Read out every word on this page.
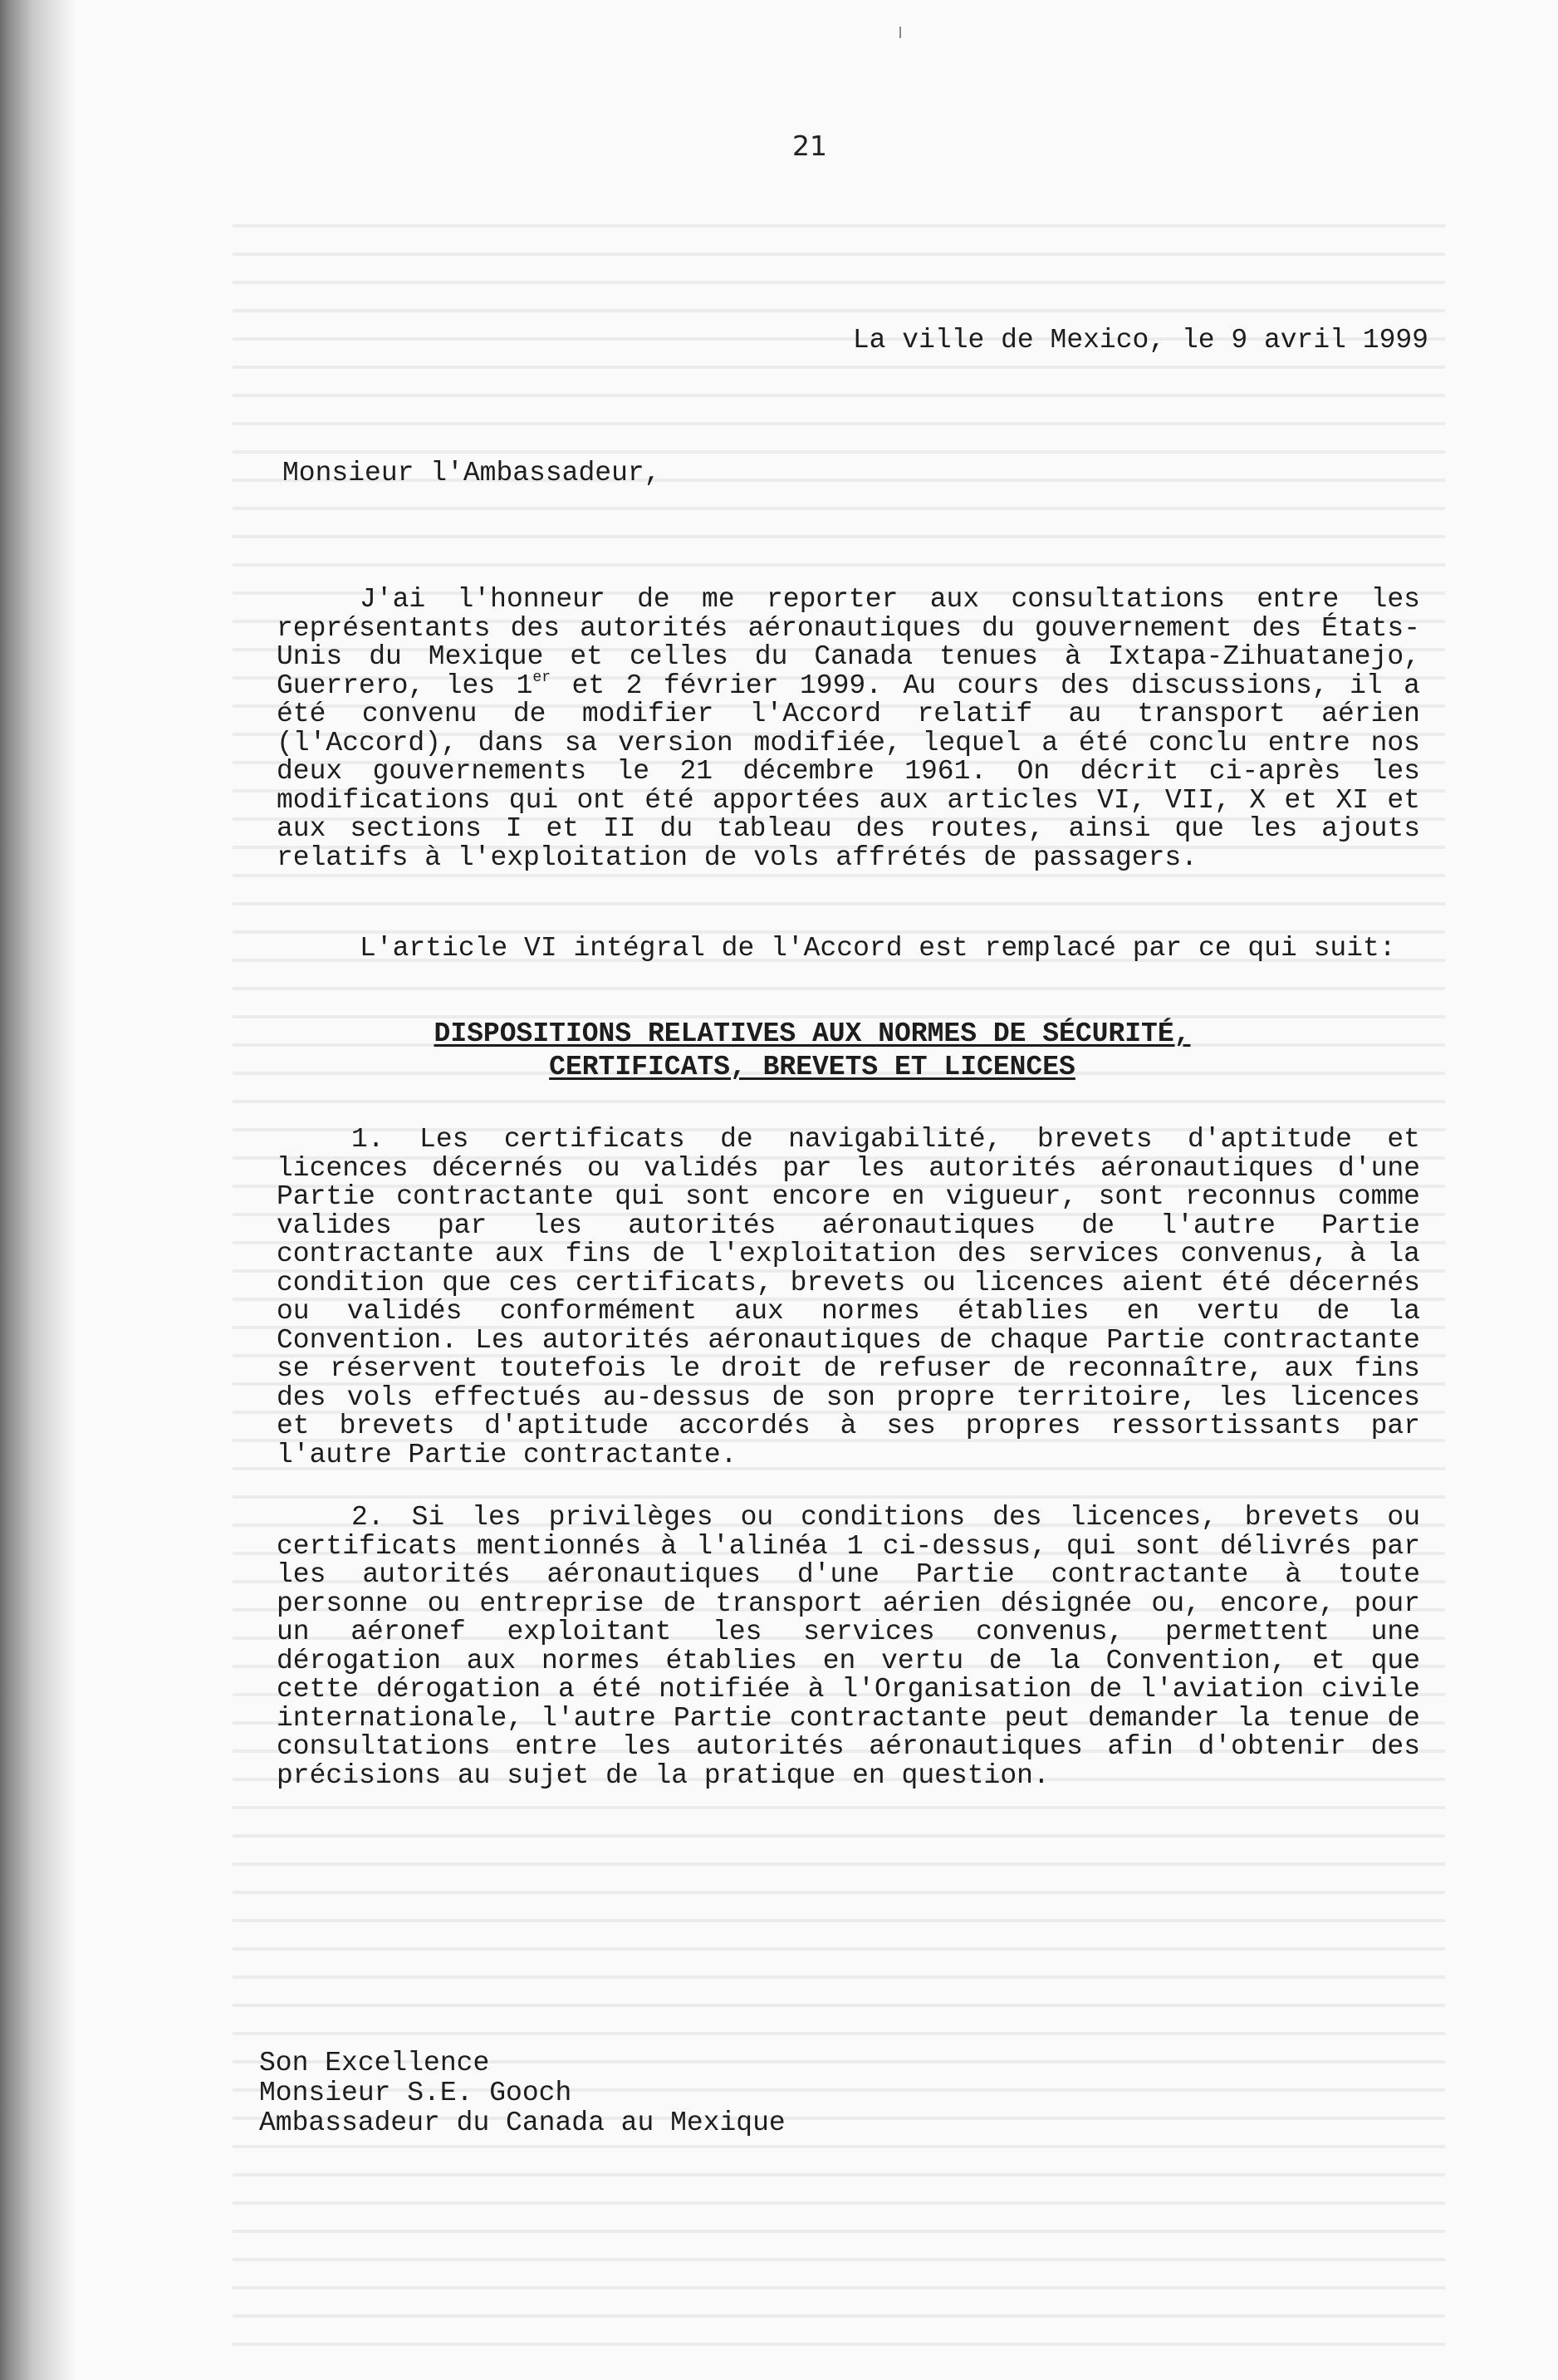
21
La ville de Mexico, le 9 avril 1999
Monsieur l'Ambassadeur,
J'ai l'honneur de me reporter aux consultations entre les représentants des autorités aéronautiques du gouvernement des États-Unis du Mexique et celles du Canada tenues à Ixtapa-Zihuatanejo, Guerrero, les 1er et 2 février 1999. Au cours des discussions, il a été convenu de modifier l'Accord relatif au transport aérien (l'Accord), dans sa version modifiée, lequel a été conclu entre nos deux gouvernements le 21 décembre 1961. On décrit ci-après les modifications qui ont été apportées aux articles VI, VII, X et XI et aux sections I et II du tableau des routes, ainsi que les ajouts relatifs à l'exploitation de vols affrétés de passagers.
L'article VI intégral de l'Accord est remplacé par ce qui suit:
DISPOSITIONS RELATIVES AUX NORMES DE SÉCURITÉ,
CERTIFICATS, BREVETS ET LICENCES
1. Les certificats de navigabilité, brevets d'aptitude et licences décernés ou validés par les autorités aéronautiques d'une Partie contractante qui sont encore en vigueur, sont reconnus comme valides par les autorités aéronautiques de l'autre Partie contractante aux fins de l'exploitation des services convenus, à la condition que ces certificats, brevets ou licences aient été décernés ou validés conformément aux normes établies en vertu de la Convention. Les autorités aéronautiques de chaque Partie contractante se réservent toutefois le droit de refuser de reconnaître, aux fins des vols effectués au-dessus de son propre territoire, les licences et brevets d'aptitude accordés à ses propres ressortissants par l'autre Partie contractante.
2. Si les privilèges ou conditions des licences, brevets ou certificats mentionnés à l'alinéa 1 ci-dessus, qui sont délivrés par les autorités aéronautiques d'une Partie contractante à toute personne ou entreprise de transport aérien désignée ou, encore, pour un aéronef exploitant les services convenus, permettent une dérogation aux normes établies en vertu de la Convention, et que cette dérogation a été notifiée à l'Organisation de l'aviation civile internationale, l'autre Partie contractante peut demander la tenue de consultations entre les autorités aéronautiques afin d'obtenir des précisions au sujet de la pratique en question.
Son Excellence
Monsieur S.E. Gooch
Ambassadeur du Canada au Mexique
